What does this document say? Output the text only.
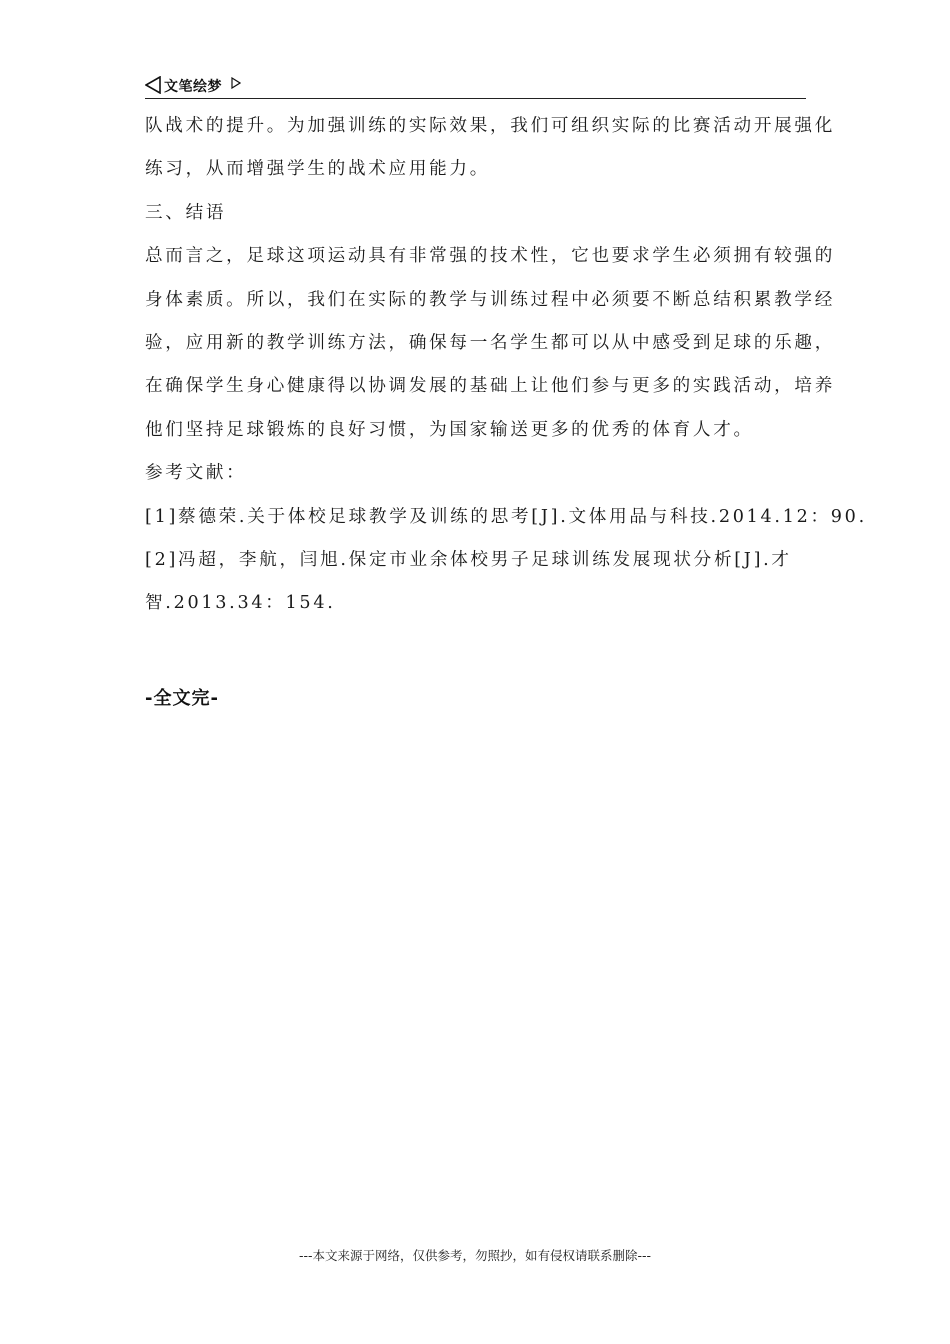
文笔绘梦
队战术的提升。为加强训练的实际效果，我们可组织实际的比赛活动开展强化
练习，从而增强学生的战术应用能力。
三、结语
总而言之，足球这项运动具有非常强的技术性，它也要求学生必须拥有较强的
身体素质。所以，我们在实际的教学与训练过程中必须要不断总结积累教学经
验，应用新的教学训练方法，确保每一名学生都可以从中感受到足球的乐趣，
在确保学生身心健康得以协调发展的基础上让他们参与更多的实践活动，培养
他们坚持足球锻炼的良好习惯，为国家输送更多的优秀的体育人才。
参考文献：
[1]蔡德荣.关于体校足球教学及训练的思考[J].文体用品与科技.2014.12：90.
[2]冯超，李航，闫旭.保定市业余体校男子足球训练发展现状分析[J].才
智.2013.34：154.
-全文完-
---本文来源于网络，仅供参考，勿照抄，如有侵权请联系删除---
